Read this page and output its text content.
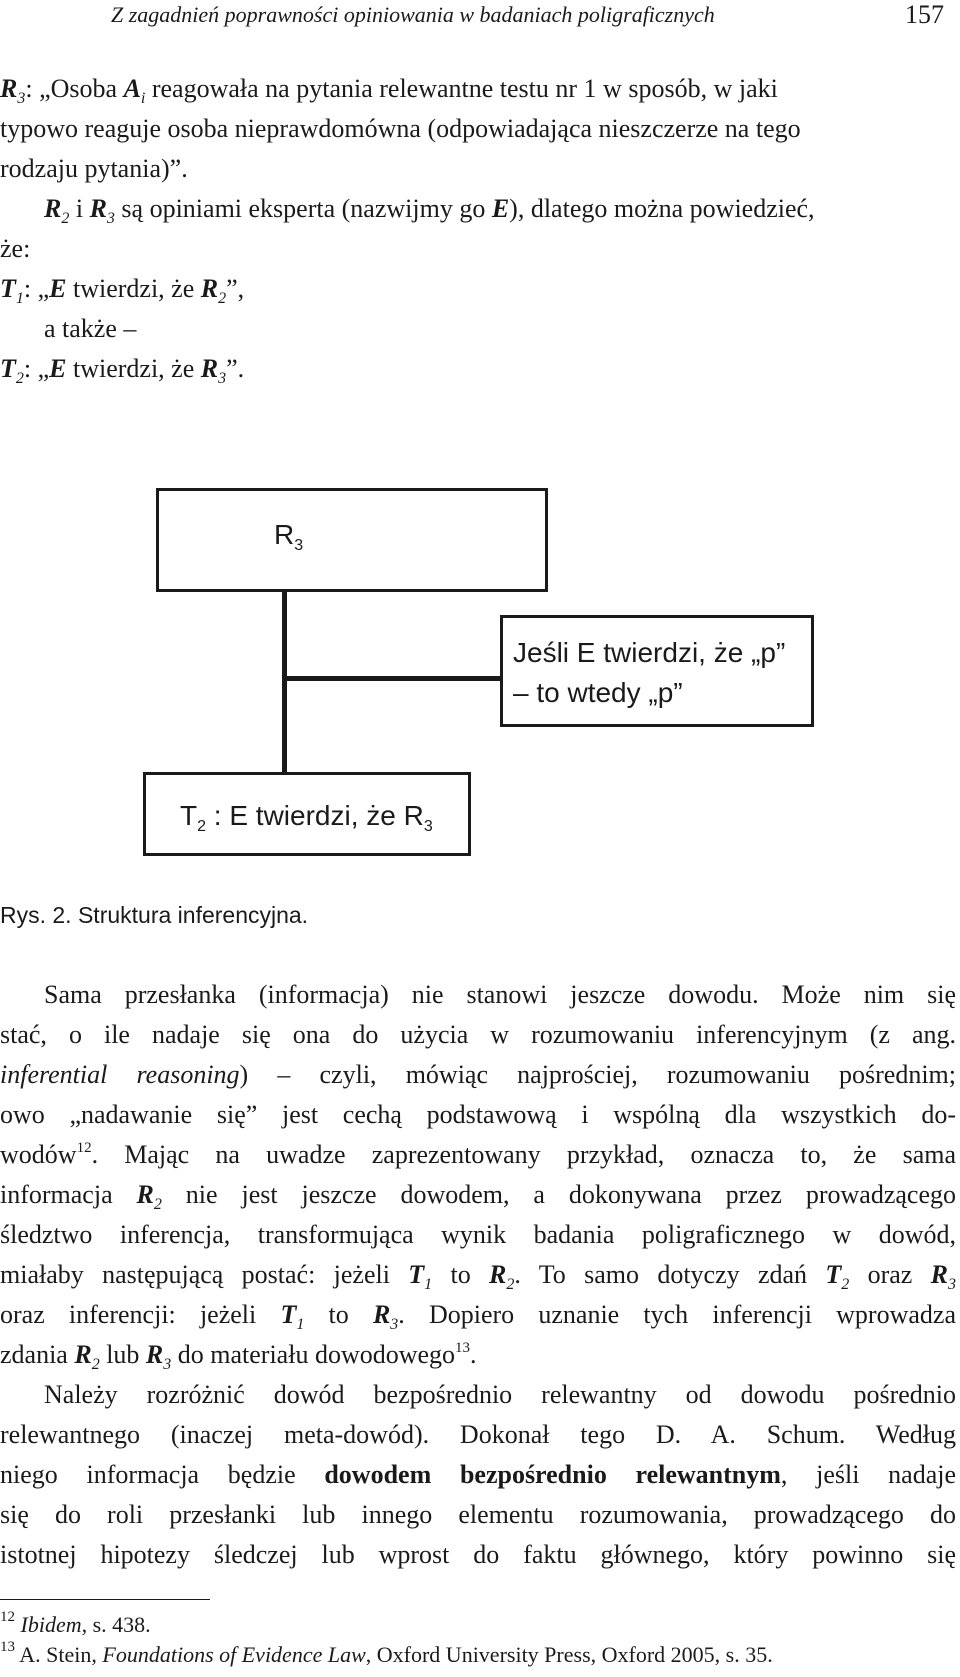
Z zagadnień poprawności opiniowania w badaniach poligraficznych	157
$R_3$: „Osoba $A_i$ reagowała na pytania relewantne testu nr 1 w sposób, w jaki
typowo reaguje osoba nieprawdomówna (odpowiadająca nieszczerze na tego
rodzaju pytania)”.
$R_2$ i $R_3$ są opiniami eksperta (nazwijmy go E), dlatego można powiedzieć,
że:
$T_1$: „E twierdzi, że $R_2$”,
a także –
$T_2$: „E twierdzi, że $R_3$”.
$R_3$
Jeśli E twierdzi, że „p”
– to wtedy „p”
$T_2$ : E twierdzi, że $R_3$
Rys. 2. Struktura inferencyjna.
Sama przesłanka (informacja) nie stanowi jeszcze dowodu. Może nim się
stać, o ile nadaje się ona do użycia w rozumowaniu inferencyjnym (z ang.
inferential reasoning) – czyli, mówiąc najprościej, rozumowaniu pośrednim;
owo „nadawanie się” jest cechą podstawową i wspólną dla wszystkich do-
wodów$^{12}$. Mając na uwadze zaprezentowany przykład, oznacza to, że sama
informacja $R_2$ nie jest jeszcze dowodem, a dokonywana przez prowadzącego
śledztwo inferencja, transformująca wynik badania poligraficznego w dowód,
miałaby następującą postać: jeżeli $T_1$ to $R_2$. To samo dotyczy zdań $T_2$ oraz $R_3$
oraz inferencji: jeżeli $T_1$ to $R_3$. Dopiero uznanie tych inferencji wprowadza
zdania $R_2$ lub $R_3$ do materiału dowodowego$^{13}$.
Należy rozróżnić dowód bezpośrednio relewantny od dowodu pośrednio
relewantnego (inaczej meta-dowód). Dokonał tego D. A. Schum. Według
niego informacja będzie dowodem bezpośrednio relewantnym, jeśli nadaje
się do roli przesłanki lub innego elementu rozumowania, prowadzącego do
istotnej hipotezy śledczej lub wprost do faktu głównego, który powinno się
$^{12}$ Ibidem, s. 438.
$^{13}$ A. Stein, Foundations of Evidence Law, Oxford University Press, Oxford 2005, s. 35.
